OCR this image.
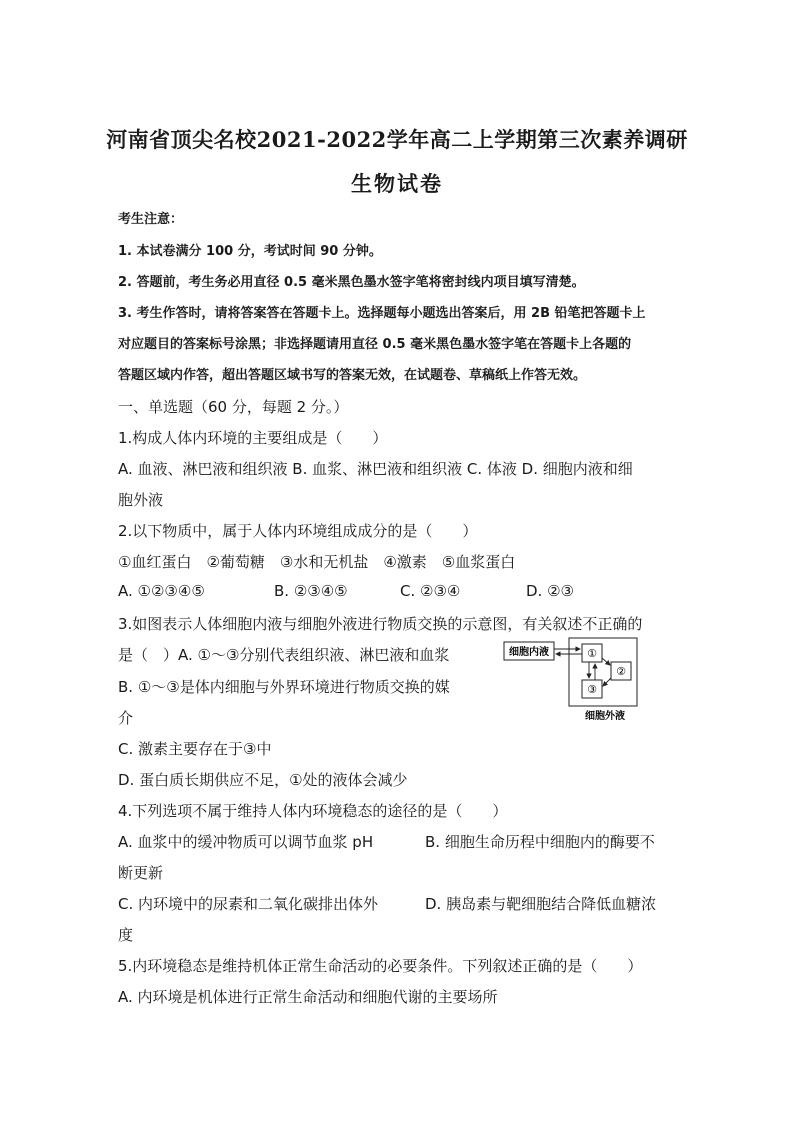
河南省顶尖名校2021-2022学年高二上学期第三次素养调研
生物试卷
考生注意：
1. 本试卷满分 100 分，考试时间 90 分钟。
2. 答题前，考生务必用直径 0.5 毫米黑色墨水签字笔将密封线内项目填写清楚。
3. 考生作答时，请将答案答在答题卡上。选择题每小题选出答案后，用 2B 铅笔把答题卡上
对应题目的答案标号涂黑；非选择题请用直径 0.5 毫米黑色墨水签字笔在答题卡上各题的
答题区域内作答，超出答题区域书写的答案无效，在试题卷、草稿纸上作答无效。
一、单选题（60 分，每题 2 分。）
1.构成人体内环境的主要组成是（　　）
A. 血液、淋巴液和组织液 B. 血浆、淋巴液和组织液 C. 体液 D. 细胞内液和细
胞外液
2.以下物质中，属于人体内环境组成成分的是（　　）
①血红蛋白　②葡萄糖　③水和无机盐　④激素　⑤血浆蛋白
A. ①②③④⑤	B. ②③④⑤	C. ②③④	D. ②③
3.如图表示人体细胞内液与细胞外液进行物质交换的示意图，有关叙述不正确的
是（　）A. ①～③分别代表组织液、淋巴液和血浆
B. ①～③是体内细胞与外界环境进行物质交换的媒
介
C. 激素主要存在于③中
D. 蛋白质长期供应不足，①处的液体会减少
细胞内液	①
②
③
细胞外液
4.下列选项不属于维持人体内环境稳态的途径的是（　　）
A. 血浆中的缓冲物质可以调节血浆 pH	B. 细胞生命历程中细胞内的酶要不
断更新
C. 内环境中的尿素和二氧化碳排出体外	D. 胰岛素与靶细胞结合降低血糖浓
度
5.内环境稳态是维持机体正常生命活动的必要条件。下列叙述正确的是（　　）
A. 内环境是机体进行正常生命活动和细胞代谢的主要场所
